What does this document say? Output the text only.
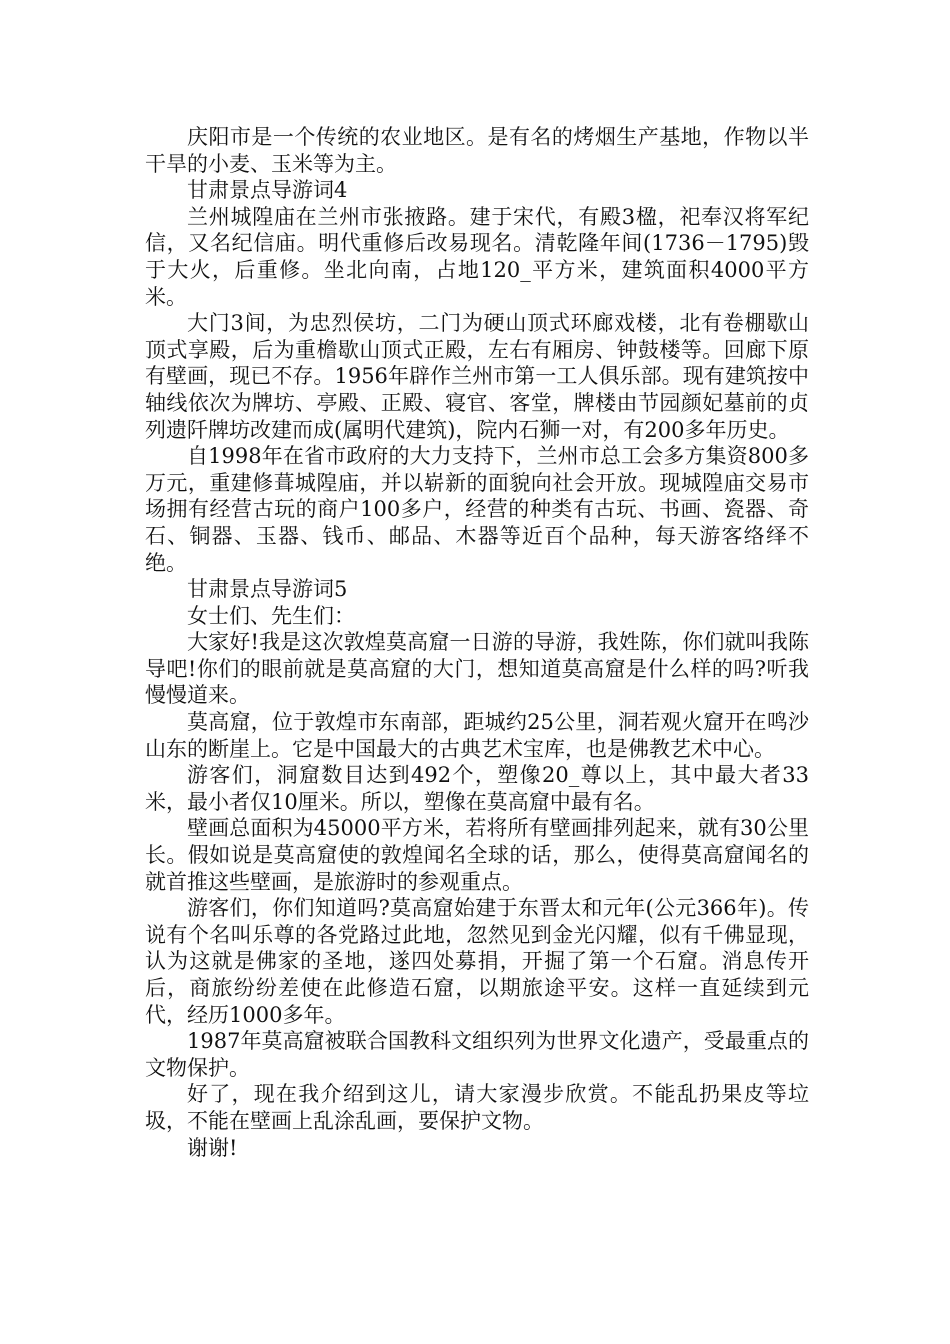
庆阳市是一个传统的农业地区。是有名的烤烟生产基地，作物以半干旱的小麦、玉米等为主。

甘肃景点导游词4

兰州城隍庙在兰州市张掖路。建于宋代，有殿3楹，祀奉汉将军纪信，又名纪信庙。明代重修后改易现名。清乾隆年间(1736－1795)毁于大火，后重修。坐北向南，占地120_平方米，建筑面积4000平方米。

大门3间，为忠烈侯坊，二门为硬山顶式环廊戏楼，北有卷棚歇山顶式享殿，后为重檐歇山顶式正殿，左右有厢房、钟鼓楼等。回廊下原有壁画，现已不存。1956年辟作兰州市第一工人俱乐部。现有建筑按中轴线依次为牌坊、亭殿、正殿、寝官、客堂，牌楼由节园颜妃墓前的贞列遗阡牌坊改建而成(属明代建筑)，院内石狮一对，有200多年历史。

自1998年在省市政府的大力支持下，兰州市总工会多方集资800多万元，重建修葺城隍庙，并以崭新的面貌向社会开放。现城隍庙交易市场拥有经营古玩的商户100多户，经营的种类有古玩、书画、瓷器、奇石、铜器、玉器、钱币、邮品、木器等近百个品种，每天游客络绎不绝。

甘肃景点导游词5

女士们、先生们：

大家好!我是这次敦煌莫高窟一日游的导游，我姓陈，你们就叫我陈导吧!你们的眼前就是莫高窟的大门，想知道莫高窟是什么样的吗?听我慢慢道来。

莫高窟，位于敦煌市东南部，距城约25公里，洞若观火窟开在鸣沙山东的断崖上。它是中国最大的古典艺术宝库，也是佛教艺术中心。

游客们，洞窟数目达到492个，塑像20_尊以上，其中最大者33米，最小者仅10厘米。所以，塑像在莫高窟中最有名。

壁画总面积为45000平方米，若将所有壁画排列起来，就有30公里长。假如说是莫高窟使的敦煌闻名全球的话，那么，使得莫高窟闻名的就首推这些壁画，是旅游时的参观重点。

游客们，你们知道吗?莫高窟始建于东晋太和元年(公元366年)。传说有个名叫乐尊的各党路过此地，忽然见到金光闪耀，似有千佛显现，认为这就是佛家的圣地，遂四处募捐，开掘了第一个石窟。消息传开后，商旅纷纷差使在此修造石窟，以期旅途平安。这样一直延续到元代，经历1000多年。

1987年莫高窟被联合国教科文组织列为世界文化遗产，受最重点的文物保护。

好了，现在我介绍到这儿，请大家漫步欣赏。不能乱扔果皮等垃圾，不能在壁画上乱涂乱画，要保护文物。

谢谢!
